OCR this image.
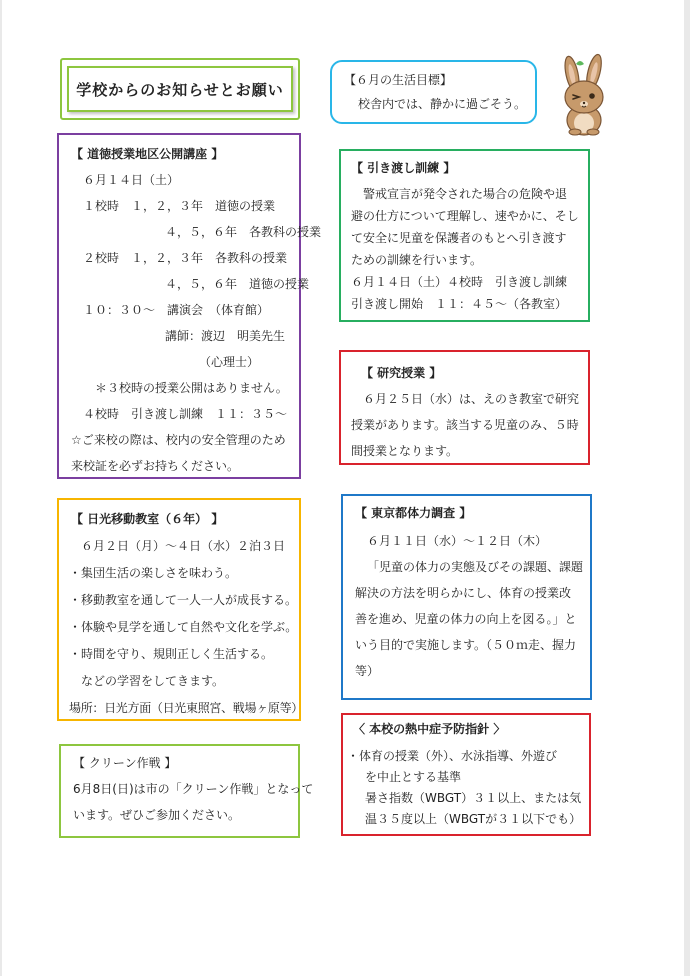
学校からのお知らせとお願い
【６月の生活目標】
校舎内では、静かに過ごそう。
【 道徳授業地区公開講座 】
６月１４日（土）
１校時　１，２，３年　道徳の授業
４，５，６年　各教科の授業
２校時　１，２，３年　各教科の授業
４，５，６年　道徳の授業
１０：３０～　講演会　（体育館）
講師：渡辺　明美先生
（心理士）
＊３校時の授業公開はありません。
４校時　引き渡し訓練　１１：３５～
☆ご来校の際は、校内の安全管理のため
来校証を必ずお持ちください。
【 引き渡し訓練 】
　警戒宣言が発令された場合の危険や退
避の仕方について理解し、速やかに、そし
て安全に児童を保護者のもとへ引き渡す
ための訓練を行います。
６月１４日（土）４校時　引き渡し訓練
引き渡し開始　１１：４５～（各教室）
【 研究授業 】
　６月２５日（水）は、えのき教室で研究
授業があります。該当する児童のみ、５時
間授業となります。
【 日光移動教室（６年） 】
６月２日（月）～４日（水）２泊３日
・集団生活の楽しさを味わう。
・移動教室を通して一人一人が成長する。
・体験や見学を通して自然や文化を学ぶ。
・時間を守り、規則正しく生活する。
などの学習をしてきます。
場所：日光方面（日光東照宮、戦場ヶ原等）
【 東京都体力調査 】
６月１１日（水）～１２日（木）
「児童の体力の実態及びその課題、課題
解決の方法を明らかにし、体育の授業改
善を進め、児童の体力の向上を図る。」と
いう目的で実施します。（５０ｍ走、握力
等）
【 クリーン作戦 】
6月8日(日)は市の「クリーン作戦」となって
います。ぜひご参加ください。
〈 本校の熱中症予防指針 〉
・体育の授業（外）、水泳指導、外遊び
を中止とする基準
暑さ指数（WBGT）３１以上、または気
温３５度以上（WBGTが３１以下でも）
